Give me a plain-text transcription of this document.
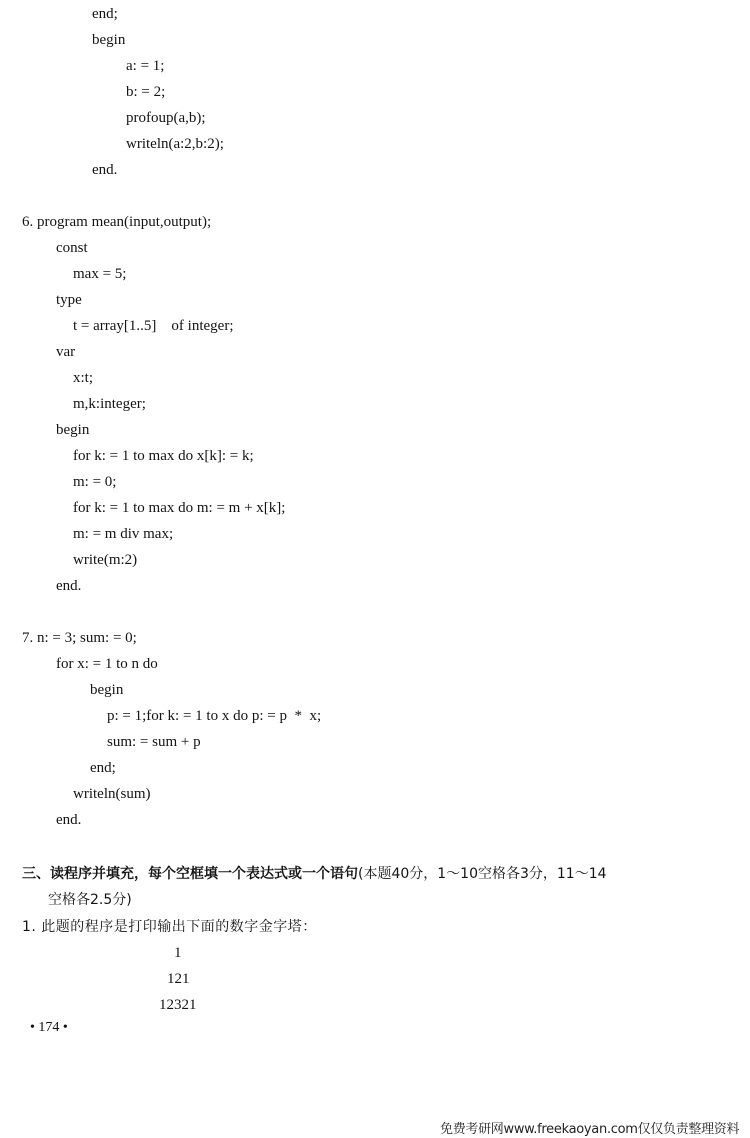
end;
begin
a: = 1;
b: = 2;
profoup(a,b);
writeln(a:2,b:2);
end.
6. program mean(input,output);
const
max = 5;
type
t = array[1..5]    of integer;
var
x:t;
m,k:integer;
begin
for k: = 1 to max do x[k]: = k;
m: = 0;
for k: = 1 to max do m: = m + x[k];
m: = m div max;
write(m:2)
end.
7. n: = 3; sum: = 0;
for x: = 1 to n do
begin
p: = 1;for k: = 1 to x do p: = p  *  x;
sum: = sum + p
end;
writeln(sum)
end.
三、读程序并填充，每个空框填一个表达式或一个语句(本题40分，1～10空格各3分，11～14
空格各2.5分)
1. 此题的程序是打印输出下面的数字金字塔：
1
121
12321
• 174 •
免费考研网www.freekaoyan.com仅仅负责整理资料
